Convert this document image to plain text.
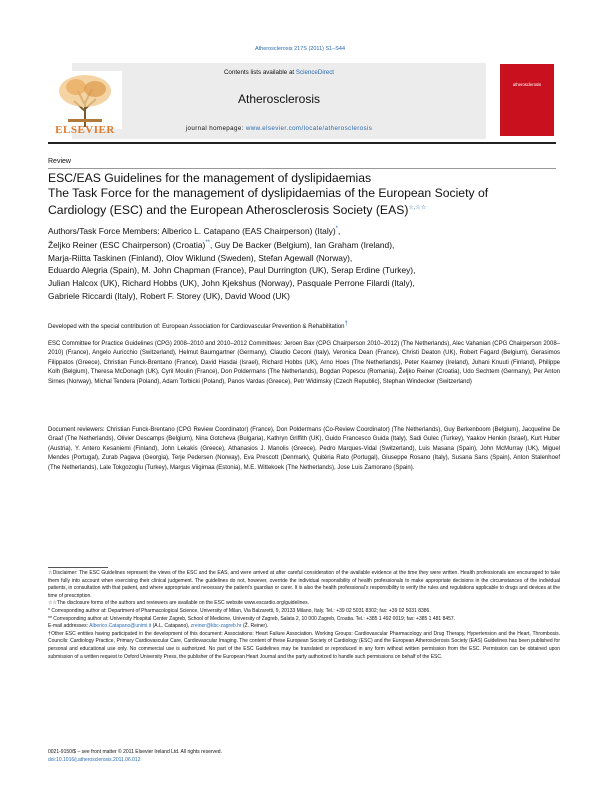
Atherosclerosis 217S (2011) S1–S44
Contents lists available at ScienceDirect
Atherosclerosis
journal homepage: www.elsevier.com/locate/atherosclerosis
ELSEVIER
atherosclerosis
Review
ESC/EAS Guidelines for the management of dyslipidaemias
The Task Force for the management of dyslipidaemias of the European Society of
Cardiology (ESC) and the European Atherosclerosis Society (EAS)☆,☆☆
Authors/Task Force Members: Alberico L. Catapano (EAS Chairperson) (Italy)*,
Željko Reiner (ESC Chairperson) (Croatia)**, Guy De Backer (Belgium), Ian Graham (Ireland),
Marja-Riitta Taskinen (Finland), Olov Wiklund (Sweden), Stefan Agewall (Norway),
Eduardo Alegria (Spain), M. John Chapman (France), Paul Durrington (UK), Serap Erdine (Turkey),
Julian Halcox (UK), Richard Hobbs (UK), John Kjekshus (Norway), Pasquale Perrone Filardi (Italy),
Gabriele Riccardi (Italy), Robert F. Storey (UK), David Wood (UK)
Developed with the special contribution of: European Association for Cardiovascular Prevention & Rehabilitation†
ESC Committee for Practice Guidelines (CPG) 2008–2010 and 2010–2012 Committees: Jeroen Bax (CPG Chairperson 2010–2012) (The Netherlands), Alec Vahanian (CPG Chairperson 2008–2010) (France), Angelo Auricchio (Switzerland), Helmut Baumgartner (Germany), Claudio Ceconi (Italy), Veronica Dean (France), Christi Deaton (UK), Robert Fagard (Belgium), Gerasimos Filippatos (Greece), Christian Funck-Brentano (France), David Hasdai (Israel), Richard Hobbs (UK), Arno Hoes (The Netherlands), Peter Kearney (Ireland), Juhani Knuuti (Finland), Philippe Kolh (Belgium), Theresa McDonagh (UK), Cyril Moulin (France), Don Poldermans (The Netherlands), Bogdan Popescu (Romania), Željko Reiner (Croatia), Udo Sechtem (Germany), Per Anton Sirnes (Norway), Michal Tendera (Poland), Adam Torbicki (Poland), Panos Vardas (Greece), Petr Widimsky (Czech Republic), Stephan Windecker (Switzerland)
Document reviewers: Christian Funck-Brentano (CPG Review Coordinator) (France), Don Poldermans (Co-Review Coordinator) (The Netherlands), Guy Berkenboom (Belgium), Jacqueline De Graaf (The Netherlands), Olivier Descamps (Belgium), Nina Gotcheva (Bulgaria), Kathryn Griffith (UK), Guido Francesco Guida (Italy), Sadi Gulec (Turkey), Yaakov Henkin (Israel), Kurt Huber (Austria), Y. Antero Kesaniemi (Finland), John Lekakis (Greece), Athanasios J. Manolis (Greece), Pedro Marques-Vidal (Switzerland), Luis Masana (Spain), John McMurray (UK), Miguel Mendes (Portugal), Zurab Pagava (Georgia), Terje Pedersen (Norway), Eva Prescott (Denmark), Quitéria Rato (Portugal), Giuseppe Rosano (Italy), Susana Sans (Spain), Anton Stalenhoef (The Netherlands), Lale Tokgozoglu (Turkey), Margus Viigimaa (Estonia), M.E. Wittekoek (The Netherlands), Jose Luis Zamorano (Spain).
☆Disclaimer: The ESC Guidelines represent the views of the ESC and the EAS, and were arrived at after careful consideration of the available evidence at the time they were written. Health professionals are encouraged to take them fully into account when exercising their clinical judgement. The guidelines do not, however, override the individual responsibility of health professionals to make appropriate decisions in the circumstances of the individual patients, in consultation with that patient, and where appropriate and necessary the patient’s guardian or carer. It is also the health professional’s responsibility to verify the rules and regulations applicable to drugs and devices at the time of prescription.
☆☆The disclosure forms of the authors and reviewers are available on the ESC website www.escardio.org/guidelines.
* Corresponding author at: Department of Pharmacological Science, University of Milan, Via Balzaretti, 9, 20133 Milano, Italy. Tel.: +39 02 5031 8302; fax: +39 02 5031 8386.
** Corresponding author at: University Hospital Center Zagreb, School of Medicine, University of Zagreb, Salata 2, 10 000 Zagreb, Croatia. Tel.: +385 1 492 0019; fax: +385 1 481 8457.
E-mail addresses: Alberico.Catapano@unimi.it (A.L. Catapano), zreiner@kbc-zagreb.hr (Ž. Reiner).
†Other ESC entities having participated in the development of this document: Associations: Heart Failure Association. Working Groups: Cardiovascular Pharmacology and Drug Therapy, Hypertension and the Heart, Thrombosis. Councils: Cardiology Practice, Primary Cardiovascular Care, Cardiovascular Imaging. The content of these European Society of Cardiology (ESC) and the European Atherosclerosis Society (EAS) Guidelines has been published for personal and educational use only. No commercial use is authorized. No part of the ESC Guidelines may be translated or reproduced in any form without written permission from the ESC. Permission can be obtained upon submission of a written request to Oxford University Press, the publisher of the European Heart Journal and the party authorized to handle such permissions on behalf of the ESC.
0021-9150/$ – see front matter © 2011 Elsevier Ireland Ltd. All rights reserved.
doi:10.1016/j.atherosclerosis.2011.06.012
